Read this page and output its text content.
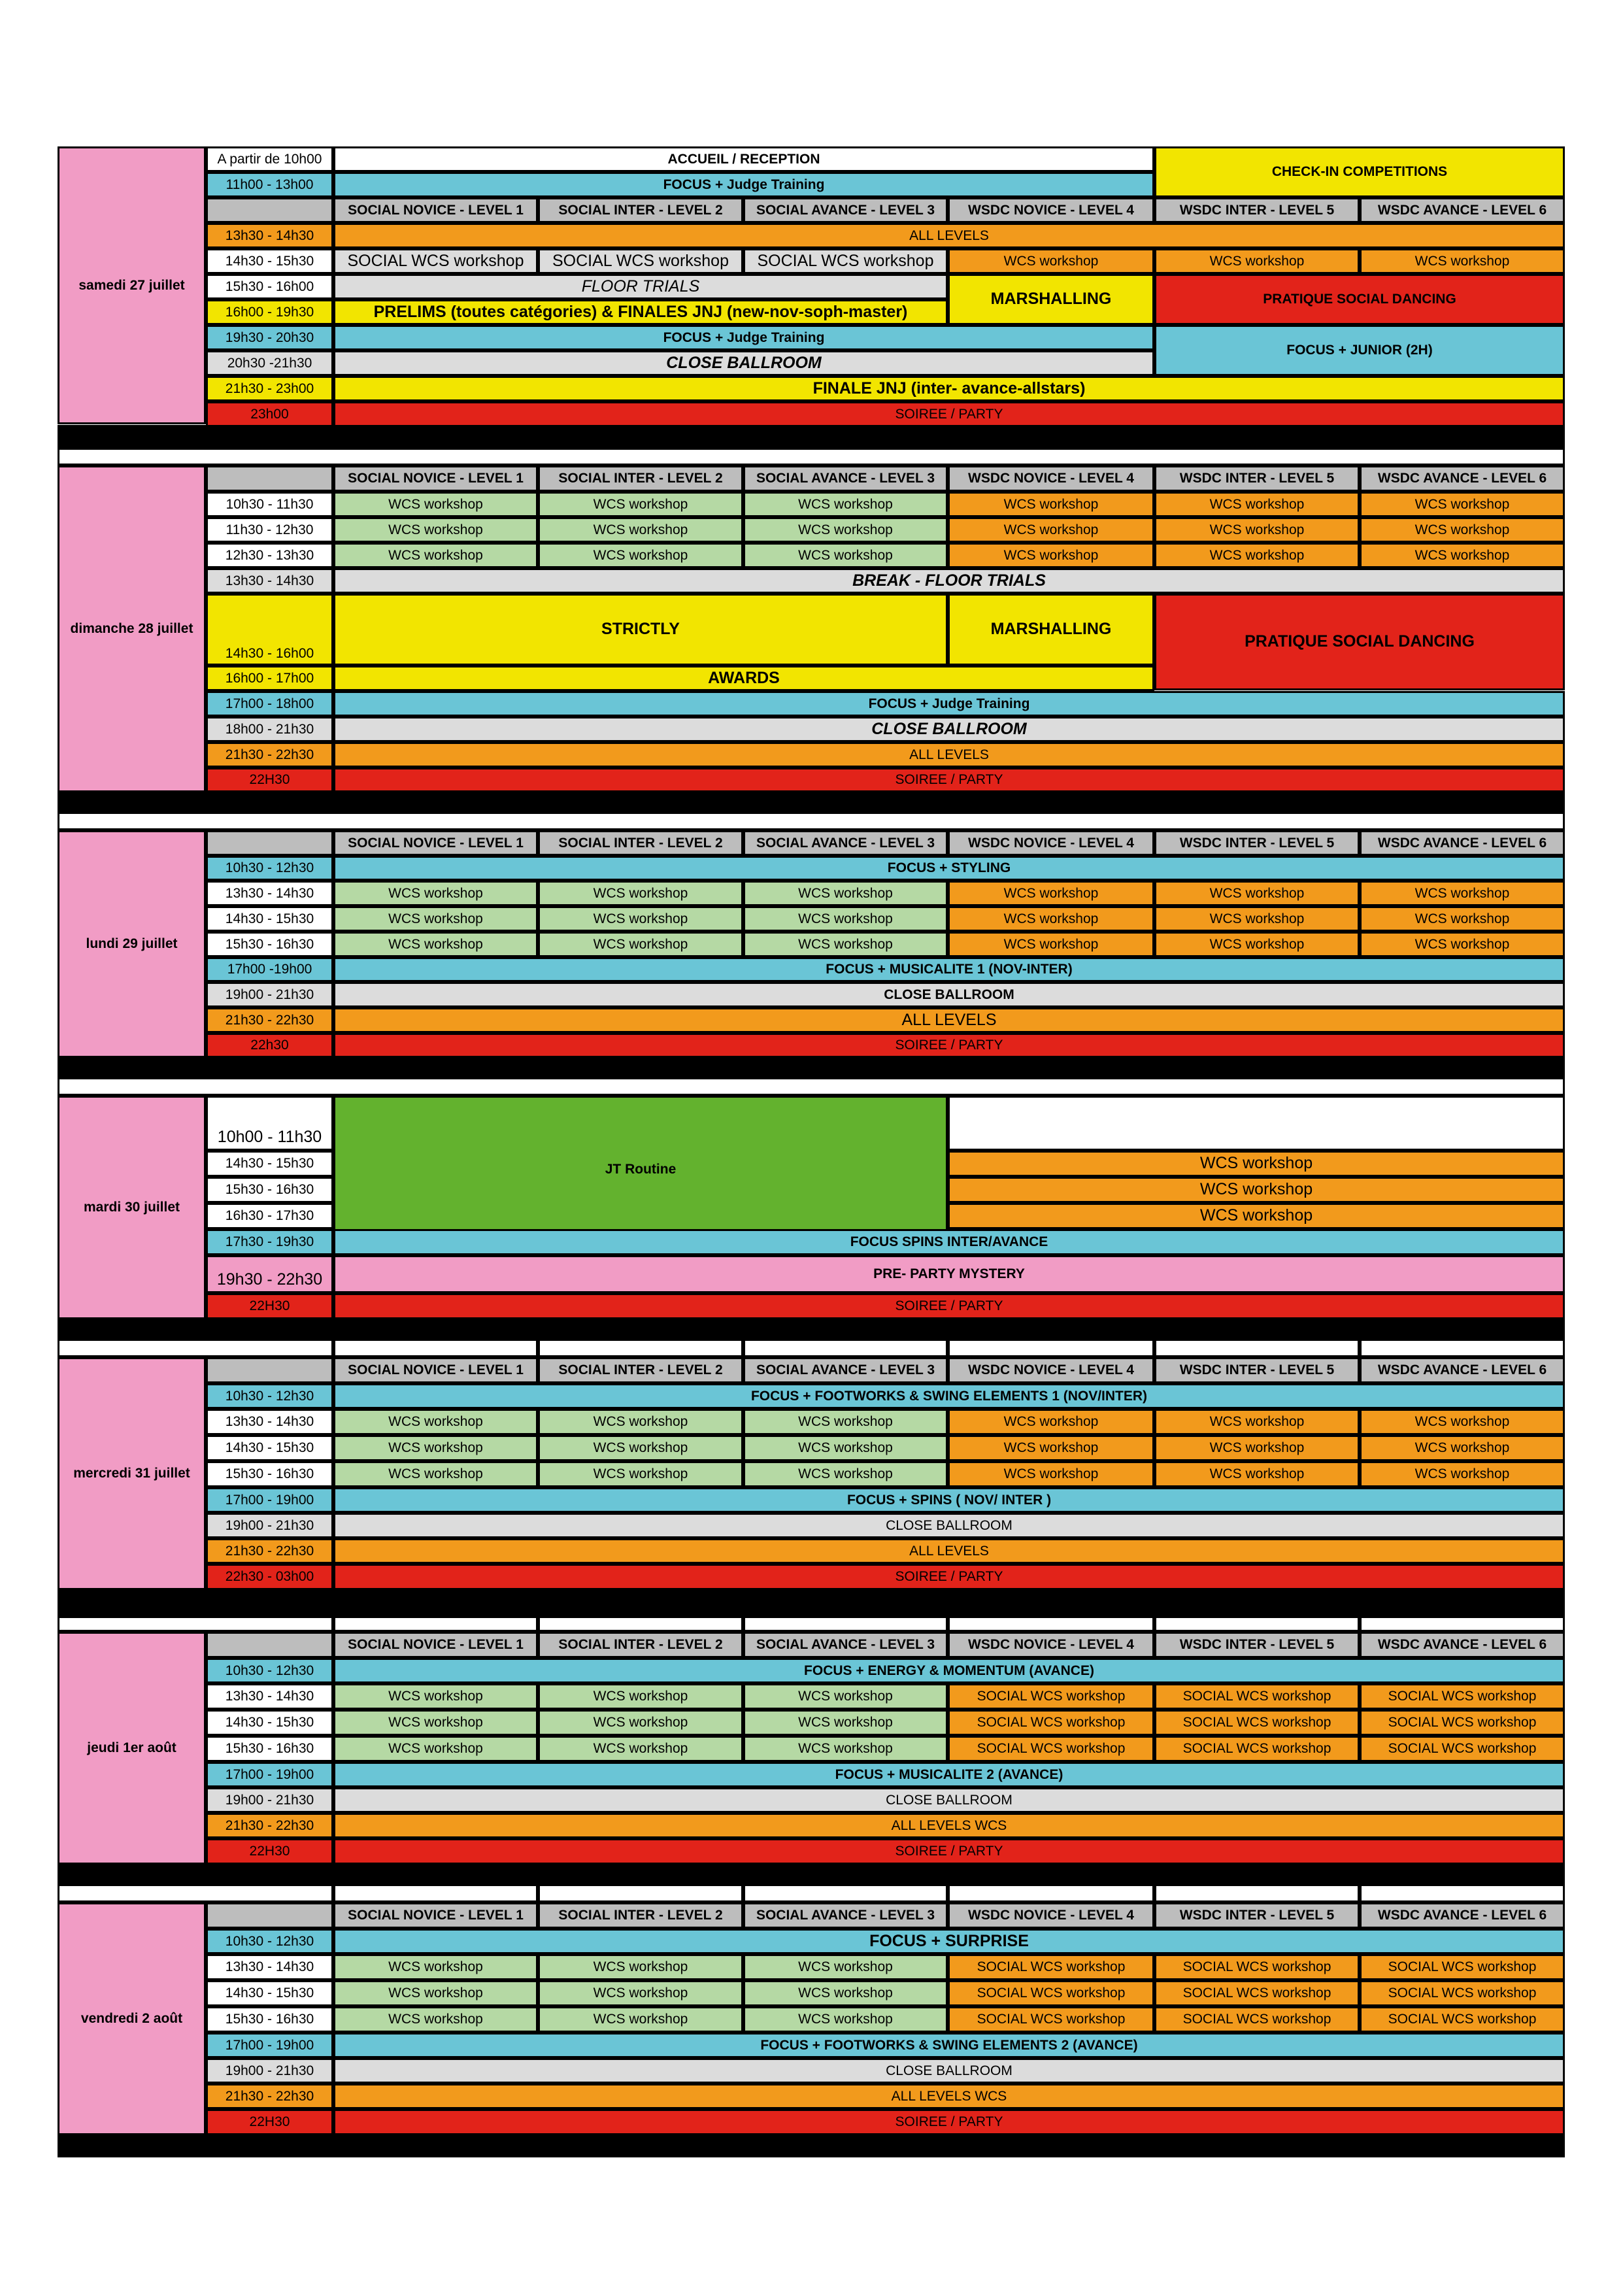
samedi 27 juillet
A partir de 10h00	ACCUEIL / RECEPTION
CHECK-IN COMPETITIONS
11h00 - 13h00	FOCUS + Judge Training
SOCIAL NOVICE - LEVEL 1	SOCIAL INTER - LEVEL 2	SOCIAL AVANCE - LEVEL 3	WSDC NOVICE - LEVEL 4	WSDC INTER - LEVEL 5	WSDC AVANCE - LEVEL 6
13h30 - 14h30	ALL LEVELS
14h30 - 15h30	SOCIAL WCS workshop	SOCIAL WCS workshop	SOCIAL WCS workshop	WCS workshop	WCS workshop	WCS workshop
15h30 - 16h00	FLOOR TRIALS
16h00 - 19h30	PRELIMS (toutes catégories) & FINALES JNJ (new-nov-soph-master)
MARSHALLING	PRATIQUE SOCIAL DANCING
19h30 - 20h30	FOCUS + Judge Training
FOCUS + JUNIOR (2H)
20h30 -21h30	CLOSE BALLROOM
21h30 - 23h00	FINALE JNJ (inter- avance-allstars)
23h00	SOIREE / PARTY
dimanche 28 juillet
SOCIAL NOVICE - LEVEL 1	SOCIAL INTER - LEVEL 2	SOCIAL AVANCE - LEVEL 3	WSDC NOVICE - LEVEL 4	WSDC INTER - LEVEL 5	WSDC AVANCE - LEVEL 6
10h30 - 11h30	WCS workshop	WCS workshop	WCS workshop	WCS workshop	WCS workshop	WCS workshop
11h30 - 12h30	WCS workshop	WCS workshop	WCS workshop	WCS workshop	WCS workshop	WCS workshop
12h30 - 13h30	WCS workshop	WCS workshop	WCS workshop	WCS workshop	WCS workshop	WCS workshop
13h30 - 14h30	BREAK - FLOOR TRIALS
14h30 - 16h00
STRICTLY	MARSHALLING
PRATIQUE SOCIAL DANCING
16h00 - 17h00	AWARDS
17h00 - 18h00	FOCUS + Judge Training
18h00 - 21h30	CLOSE BALLROOM
21h30 - 22h30	ALL LEVELS
22H30	SOIREE / PARTY
lundi 29 juillet
SOCIAL NOVICE - LEVEL 1	SOCIAL INTER - LEVEL 2	SOCIAL AVANCE - LEVEL 3	WSDC NOVICE - LEVEL 4	WSDC INTER - LEVEL 5	WSDC AVANCE - LEVEL 6
10h30 - 12h30	FOCUS + STYLING
13h30 - 14h30	WCS workshop	WCS workshop	WCS workshop	WCS workshop	WCS workshop	WCS workshop
14h30 - 15h30	WCS workshop	WCS workshop	WCS workshop	WCS workshop	WCS workshop	WCS workshop
15h30 - 16h30	WCS workshop	WCS workshop	WCS workshop	WCS workshop	WCS workshop	WCS workshop
17h00 -19h00	FOCUS + MUSICALITE 1 (NOV-INTER)
19h00 - 21h30	CLOSE BALLROOM
21h30 - 22h30	ALL LEVELS
22h30	SOIREE / PARTY
mardi 30 juillet
10h00 - 11h30
JT Routine
14h30 - 15h30	WCS workshop
15h30 - 16h30	WCS workshop
16h30 - 17h30	WCS workshop
17h30 - 19h30	FOCUS SPINS INTER/AVANCE
19h30 - 22h30	PRE- PARTY MYSTERY
22H30	SOIREE / PARTY
mercredi 31 juillet
SOCIAL NOVICE - LEVEL 1	SOCIAL INTER - LEVEL 2	SOCIAL AVANCE - LEVEL 3	WSDC NOVICE - LEVEL 4	WSDC INTER - LEVEL 5	WSDC AVANCE - LEVEL 6
10h30 - 12h30	FOCUS + FOOTWORKS & SWING ELEMENTS 1 (NOV/INTER)
13h30 - 14h30	WCS workshop	WCS workshop	WCS workshop	WCS workshop	WCS workshop	WCS workshop
14h30 - 15h30	WCS workshop	WCS workshop	WCS workshop	WCS workshop	WCS workshop	WCS workshop
15h30 - 16h30	WCS workshop	WCS workshop	WCS workshop	WCS workshop	WCS workshop	WCS workshop
17h00 - 19h00	FOCUS + SPINS ( NOV/ INTER )
19h00 - 21h30	CLOSE BALLROOM
21h30 - 22h30	ALL LEVELS
22h30 - 03h00	SOIREE / PARTY
jeudi 1er août
SOCIAL NOVICE - LEVEL 1	SOCIAL INTER - LEVEL 2	SOCIAL AVANCE - LEVEL 3	WSDC NOVICE - LEVEL 4	WSDC INTER - LEVEL 5	WSDC AVANCE - LEVEL 6
10h30 - 12h30	FOCUS + ENERGY & MOMENTUM (AVANCE)
13h30 - 14h30	WCS workshop	WCS workshop	WCS workshop	SOCIAL WCS workshop	SOCIAL WCS workshop	SOCIAL WCS workshop
14h30 - 15h30	WCS workshop	WCS workshop	WCS workshop	SOCIAL WCS workshop	SOCIAL WCS workshop	SOCIAL WCS workshop
15h30 - 16h30	WCS workshop	WCS workshop	WCS workshop	SOCIAL WCS workshop	SOCIAL WCS workshop	SOCIAL WCS workshop
17h00 - 19h00	FOCUS + MUSICALITE 2 (AVANCE)
19h00 - 21h30	CLOSE BALLROOM
21h30 - 22h30	ALL LEVELS WCS
22H30	SOIREE / PARTY
vendredi 2 août
SOCIAL NOVICE - LEVEL 1	SOCIAL INTER - LEVEL 2	SOCIAL AVANCE - LEVEL 3	WSDC NOVICE - LEVEL 4	WSDC INTER - LEVEL 5	WSDC AVANCE - LEVEL 6
10h30 - 12h30	FOCUS + SURPRISE
13h30 - 14h30	WCS workshop	WCS workshop	WCS workshop	SOCIAL WCS workshop	SOCIAL WCS workshop	SOCIAL WCS workshop
14h30 - 15h30	WCS workshop	WCS workshop	WCS workshop	SOCIAL WCS workshop	SOCIAL WCS workshop	SOCIAL WCS workshop
15h30 - 16h30	WCS workshop	WCS workshop	WCS workshop	SOCIAL WCS workshop	SOCIAL WCS workshop	SOCIAL WCS workshop
17h00 - 19h00	FOCUS + FOOTWORKS & SWING ELEMENTS 2 (AVANCE)
19h00 - 21h30	CLOSE BALLROOM
21h30 - 22h30	ALL LEVELS WCS
22H30	SOIREE / PARTY
